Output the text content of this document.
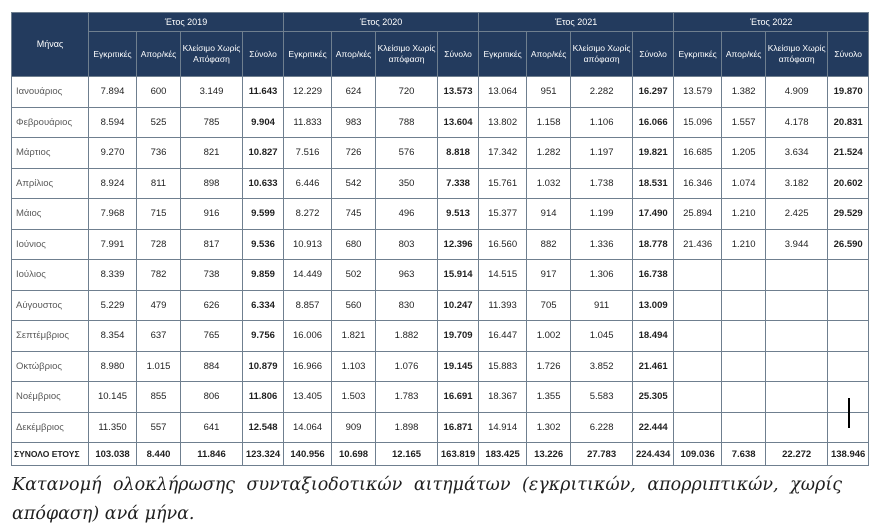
Μήνας	Έτος 2019				Έτος 2020				Έτος 2021				Έτος 2022			
	Εγκριτικές	Απορ/κές	Κλείσιμο Χωρίς Απόφαση	Σύνολο	Εγκριτικές	Απορ/κές	Κλείσιμο Χωρίς απόφαση	Σύνολο	Εγκριτικές	Απορ/κές	Κλείσιμο Χωρίς απόφαση	Σύνολο	Εγκριτικές	Απορ/κές	Κλείσιμο Χωρίς απόφαση	Σύνολο
Ιανουάριος	7.894	600	3.149	11.643	12.229	624	720	13.573	13.064	951	2.282	16.297	13.579	1.382	4.909	19.870
Φεβρουάριος	8.594	525	785	9.904	11.833	983	788	13.604	13.802	1.158	1.106	16.066	15.096	1.557	4.178	20.831
Μάρτιος	9.270	736	821	10.827	7.516	726	576	8.818	17.342	1.282	1.197	19.821	16.685	1.205	3.634	21.524
Απρίλιος	8.924	811	898	10.633	6.446	542	350	7.338	15.761	1.032	1.738	18.531	16.346	1.074	3.182	20.602
Μάιος	7.968	715	916	9.599	8.272	745	496	9.513	15.377	914	1.199	17.490	25.894	1.210	2.425	29.529
Ιούνιος	7.991	728	817	9.536	10.913	680	803	12.396	16.560	882	1.336	18.778	21.436	1.210	3.944	26.590
Ιούλιος	8.339	782	738	9.859	14.449	502	963	15.914	14.515	917	1.306	16.738				
Αύγουστος	5.229	479	626	6.334	8.857	560	830	10.247	11.393	705	911	13.009				
Σεπτέμβριος	8.354	637	765	9.756	16.006	1.821	1.882	19.709	16.447	1.002	1.045	18.494				
Οκτώβριος	8.980	1.015	884	10.879	16.966	1.103	1.076	19.145	15.883	1.726	3.852	21.461				
Νοέμβριος	10.145	855	806	11.806	13.405	1.503	1.783	16.691	18.367	1.355	5.583	25.305				
Δεκέμβριος	11.350	557	641	12.548	14.064	909	1.898	16.871	14.914	1.302	6.228	22.444				
ΣΥΝΟΛΟ ΕΤΟΥΣ	103.038	8.440	11.846	123.324	140.956	10.698	12.165	163.819	183.425	13.226	27.783	224.434	109.036	7.638	22.272	138.946

Κατανομή ολοκλήρωσης συνταξιοδοτικών αιτημάτων (εγκριτικών, απορριπτικών, χωρίς απόφαση) ανά μήνα.
